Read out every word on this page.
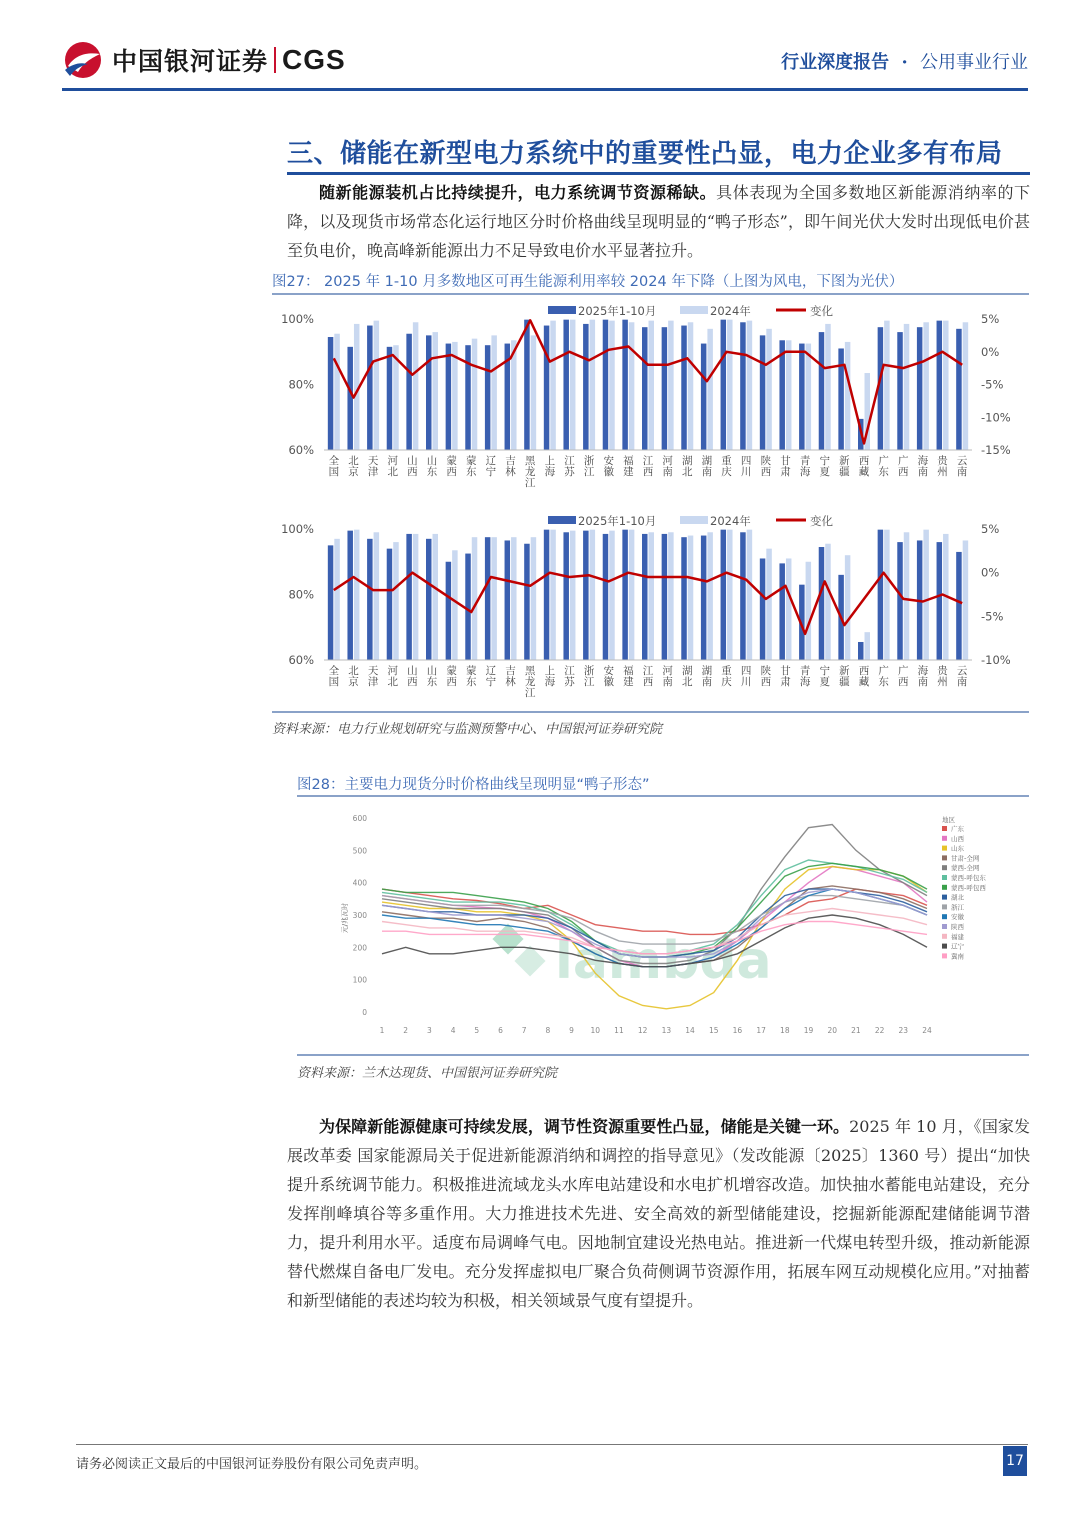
中国银河证券 CGS	行业深度报告 · 公用事业行业
三、储能在新型电力系统中的重要性凸显，电力企业多有布局
随新能源装机占比持续提升，电力系统调节资源稀缺。具体表现为全国多数地区新能源消纳率的下降，以及现货市场常态化运行地区分时价格曲线呈现明显的“鸭子形态”，即午间光伏大发时出现低电价甚至负电价，晚高峰新能源出力不足导致电价水平显著拉升。
图27： 2025 年 1-10 月多数地区可再生能源利用率较 2024 年下降（上图为风电，下图为光伏）
2025年1-10月	2024年	变化
100%
80%
60%
5%
0%
-5%
-10%
-15%
全国
北京
天津
河北
山西
山东
蒙西
蒙东
辽宁
吉林
黑龙江
上海
江苏
浙江
安徽
福建
江西
河南
湖北
湖南
重庆
四川
陕西
甘肃
青海
宁夏
新疆
西藏
广东
广西
海南
贵州
云南
2025年1-10月	2024年	变化
100%
80%
60%
5%
0%
-5%
-10%
全国
北京
天津
河北
山西
山东
蒙西
蒙东
辽宁
吉林
黑龙江
上海
江苏
浙江
安徽
福建
江西
河南
湖北
湖南
重庆
四川
陕西
甘肃
青海
宁夏
新疆
西藏
广东
广西
海南
贵州
云南
资料来源：电力行业规划研究与监测预警中心、中国银河证券研究院
图28：主要电力现货分时价格曲线呈现明显“鸭子形态”
600
500
400
300
200
100
0
元/兆瓦时
lambda
1	2	3	4	5	6	7	8	9 10 11 12 13 14 15 16 17 18 19 20 21 22 23 24
地区
广东
山西
山东
甘肃-全网
蒙西-全网
蒙西-呼包东
蒙西-呼包西
湖北
浙江
安徽
陕西
福建
辽宁
冀南
资料来源：兰木达现货、中国银河证券研究院
为保障新能源健康可持续发展，调节性资源重要性凸显，储能是关键一环。2025 年 10 月，《国家发展改革委 国家能源局关于促进新能源消纳和调控的指导意见》（发改能源〔2025〕1360 号）提出“加快提升系统调节能力。积极推进流域龙头水库电站建设和水电扩机增容改造。加快抽水蓄能电站建设，充分发挥削峰填谷等多重作用。大力推进技术先进、安全高效的新型储能建设，挖掘新能源配建储能调节潜力，提升利用水平。适度布局调峰气电。因地制宜建设光热电站。推进新一代煤电转型升级，推动新能源替代燃煤自备电厂发电。充分发挥虚拟电厂聚合负荷侧调节资源作用，拓展车网互动规模化应用。”对抽蓄和新型储能的表述均较为积极，相关领域景气度有望提升。
请务必阅读正文最后的中国银河证券股份有限公司免责声明。	17
